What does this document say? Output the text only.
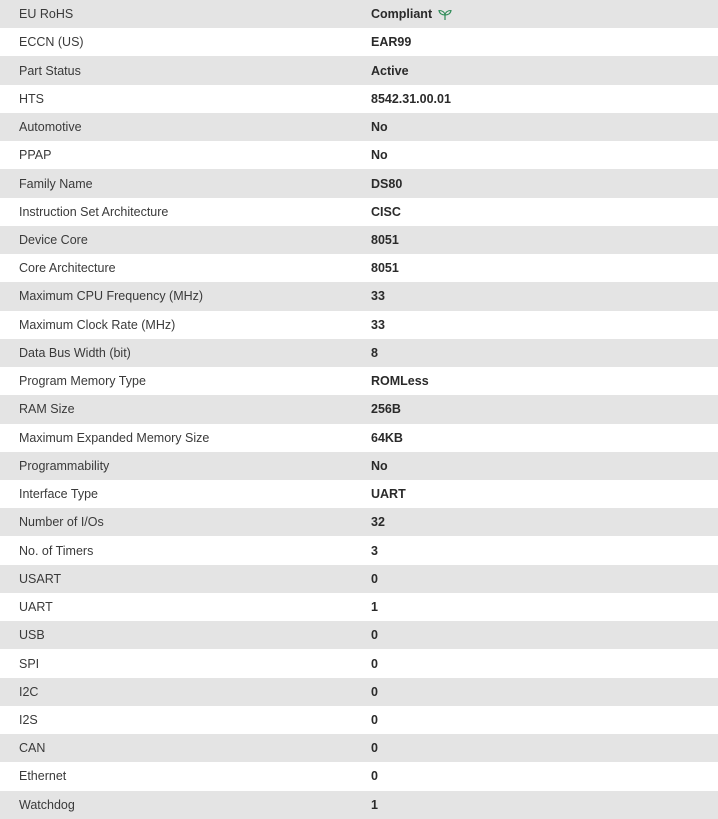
EU RoHS	Compliant
ECCN (US)	EAR99
Part Status	Active
HTS	8542.31.00.01
Automotive	No
PPAP	No
Family Name	DS80
Instruction Set Architecture	CISC
Device Core	8051
Core Architecture	8051
Maximum CPU Frequency (MHz)	33
Maximum Clock Rate (MHz)	33
Data Bus Width (bit)	8
Program Memory Type	ROMLess
RAM Size	256B
Maximum Expanded Memory Size	64KB
Programmability	No
Interface Type	UART
Number of I/Os	32
No. of Timers	3
USART	0
UART	1
USB	0
SPI	0
I2C	0
I2S	0
CAN	0
Ethernet	0
Watchdog	1
